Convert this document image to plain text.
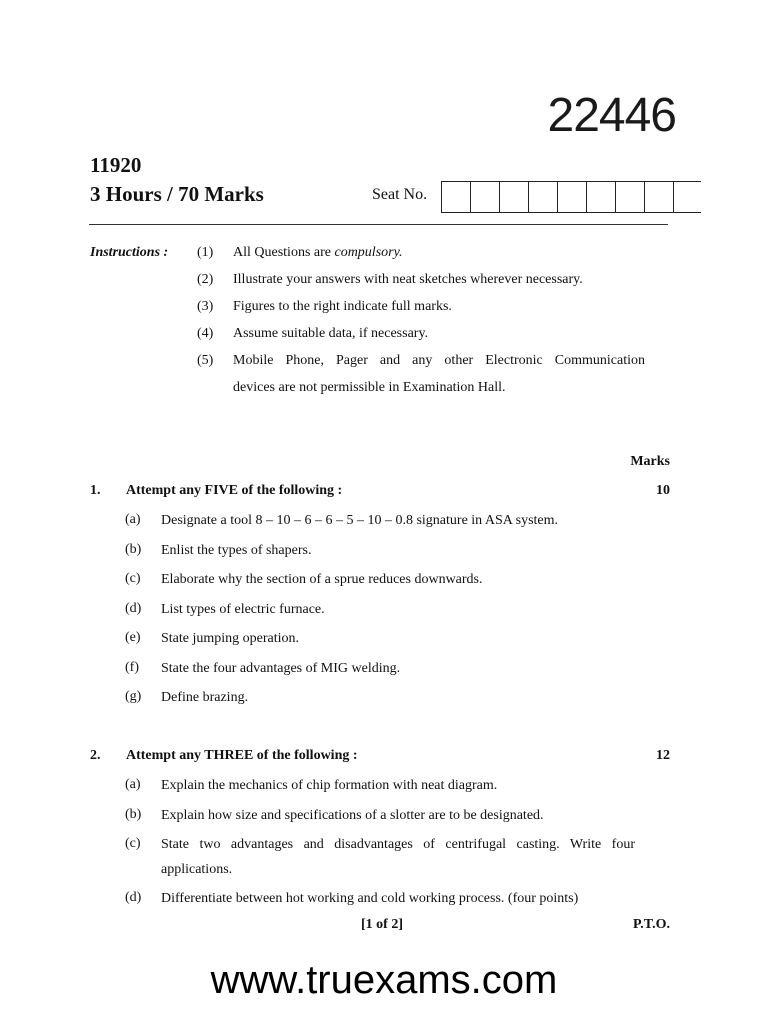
22446
11920
3 Hours / 70 Marks	Seat No.
Instructions : (1) All Questions are compulsory.
(2) Illustrate your answers with neat sketches wherever necessary.
(3) Figures to the right indicate full marks.
(4) Assume suitable data, if necessary.
(5) Mobile Phone, Pager and any other Electronic Communication
devices are not permissible in Examination Hall.
Marks
1. Attempt any FIVE of the following :	10
(a) Designate a tool 8 – 10 – 6 – 6 – 5 – 10 – 0.8 signature in ASA system.
(b) Enlist the types of shapers.
(c) Elaborate why the section of a sprue reduces downwards.
(d) List types of electric furnace.
(e) State jumping operation.
(f) State the four advantages of MIG welding.
(g) Define brazing.
2. Attempt any THREE of the following :	12
(a) Explain the mechanics of chip formation with neat diagram.
(b) Explain how size and specifications of a slotter are to be designated.
(c) State two advantages and disadvantages of centrifugal casting. Write four
applications.
(d) Differentiate between hot working and cold working process. (four points)
[1 of 2]	P.T.O.
www.truexams.com
